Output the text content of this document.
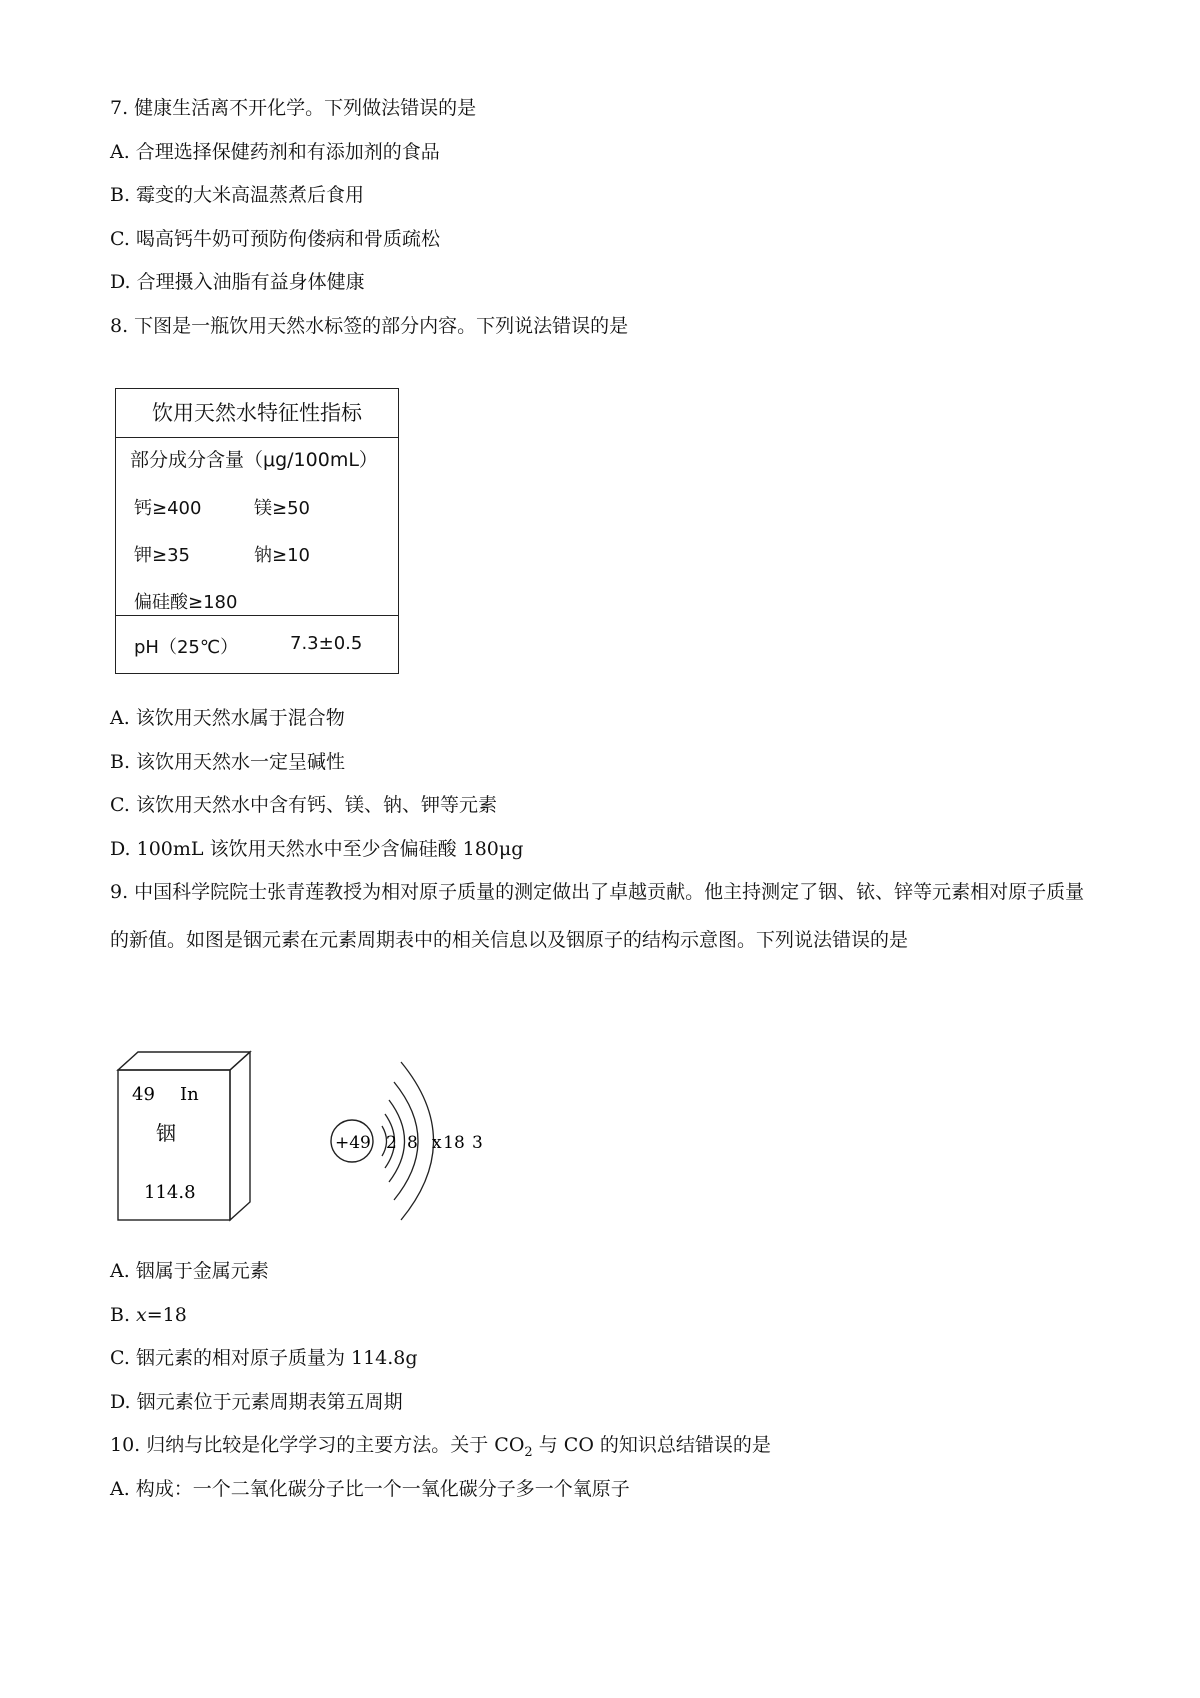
7. 健康生活离不开化学。下列做法错误的是
A. 合理选择保健药剂和有添加剂的食品
B. 霉变的大米高温蒸煮后食用
C. 喝高钙牛奶可预防佝偻病和骨质疏松
D. 合理摄入油脂有益身体健康
8. 下图是一瓶饮用天然水标签的部分内容。下列说法错误的是
饮用天然水特征性指标
部分成分含量（μg/100mL）
钙≥400	镁≥50
钾≥35	钠≥10
偏硅酸≥180
pH（25℃）	7.3±0.5
A. 该饮用天然水属于混合物
B. 该饮用天然水一定呈碱性
C. 该饮用天然水中含有钙、镁、钠、钾等元素
D. 100mL 该饮用天然水中至少含偏硅酸 180μg
9. 中国科学院院士张青莲教授为相对原子质量的测定做出了卓越贡献。他主持测定了铟、铱、锌等元素相对原子质量的新值。如图是铟元素在元素周期表中的相关信息以及铟原子的结构示意图。下列说法错误的是
49 In
铟
114.8
+49 2 8 x 18 3
A. 铟属于金属元素
B. x=18
C. 铟元素的相对原子质量为 114.8g
D. 铟元素位于元素周期表第五周期
10. 归纳与比较是化学学习的主要方法。关于 $CO_2$ 与 CO 的知识总结错误的是
A. 构成：一个二氧化碳分子比一个一氧化碳分子多一个氧原子
